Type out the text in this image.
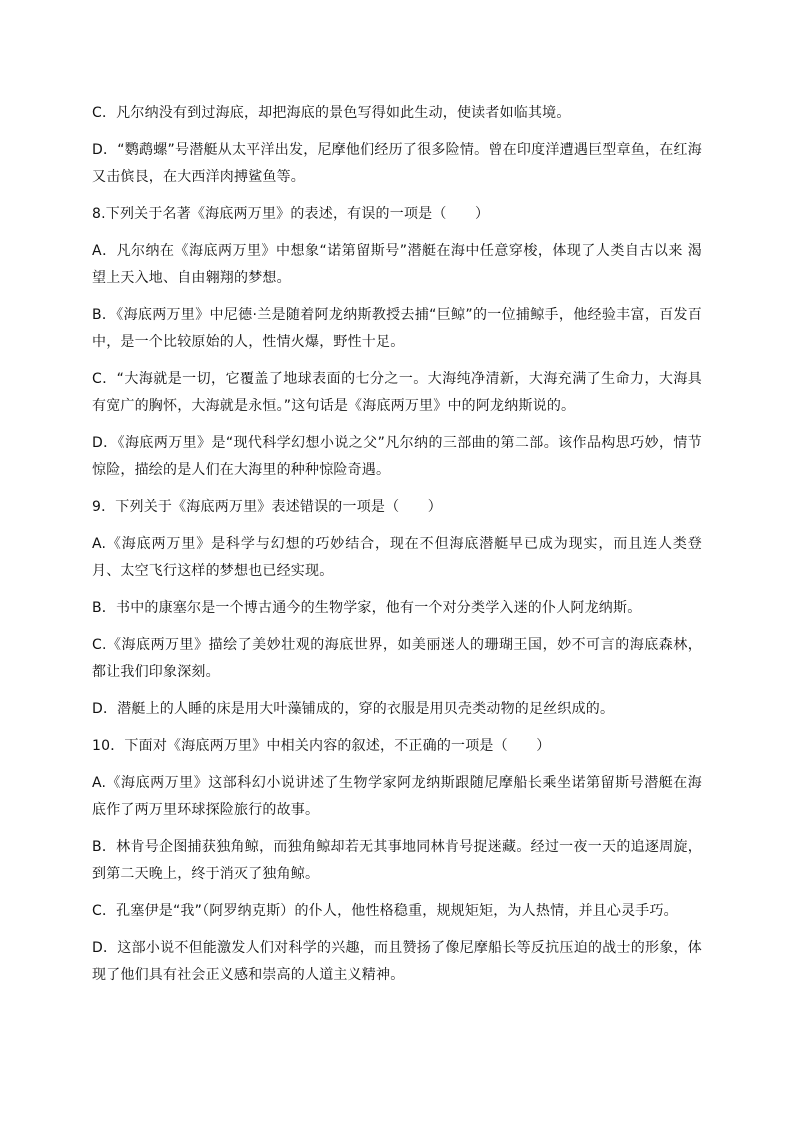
C．凡尔纳没有到过海底，却把海底的景色写得如此生动，使读者如临其境。

D．“鹦鹉螺”号潜艇从太平洋出发，尼摩他们经历了很多险情。曾在印度洋遭遇巨型章鱼，在红海又击傧艮，在大西洋肉搏鲨鱼等。

8.下列关于名著《海底两万里》的表述，有误的一项是（　　）

A．凡尔纳在《海底两万里》中想象“诺第留斯号”潜艇在海中任意穿梭，体现了人类自古以来 渴望上天入地、自由翱翔的梦想。

B．《海底两万里》中尼德·兰是随着阿龙纳斯教授去捕“巨鲸”的一位捕鲸手，他经验丰富，百发百中，是一个比较原始的人，性情火爆，野性十足。

C．“大海就是一切，它覆盖了地球表面的七分之一。大海纯净清新，大海充满了生命力，大海具有宽广的胸怀，大海就是永恒。”这句话是《海底两万里》中的阿龙纳斯说的。

D．《海底两万里》是“现代科学幻想小说之父”凡尔纳的三部曲的第二部。该作品构思巧妙，情节惊险，描绘的是人们在大海里的种种惊险奇遇。

9．下列关于《海底两万里》表述错误的一项是（　　）

A.《海底两万里》是科学与幻想的巧妙结合，现在不但海底潜艇早已成为现实，而且连人类登月、太空飞行这样的梦想也已经实现。

B．书中的康塞尔是一个博古通今的生物学家，他有一个对分类学入迷的仆人阿龙纳斯。

C.《海底两万里》描绘了美妙壮观的海底世界，如美丽迷人的珊瑚王国，妙不可言的海底森林，都让我们印象深刻。

D．潜艇上的人睡的床是用大叶藻铺成的，穿的衣服是用贝壳类动物的足丝织成的。

10．下面对《海底两万里》中相关内容的叙述，不正确的一项是（　　）

A.《海底两万里》这部科幻小说讲述了生物学家阿龙纳斯跟随尼摩船长乘坐诺第留斯号潜艇在海底作了两万里环球探险旅行的故事。

B．林肯号企图捕获独角鲸，而独角鲸却若无其事地同林肯号捉迷藏。经过一夜一天的追逐周旋，到第二天晚上，终于消灭了独角鲸。

C．孔塞伊是“我”（阿罗纳克斯）的仆人，他性格稳重，规规矩矩，为人热情，并且心灵手巧。

D．这部小说不但能激发人们对科学的兴趣，而且赞扬了像尼摩船长等反抗压迫的战士的形象，体现了他们具有社会正义感和崇高的人道主义精神。
